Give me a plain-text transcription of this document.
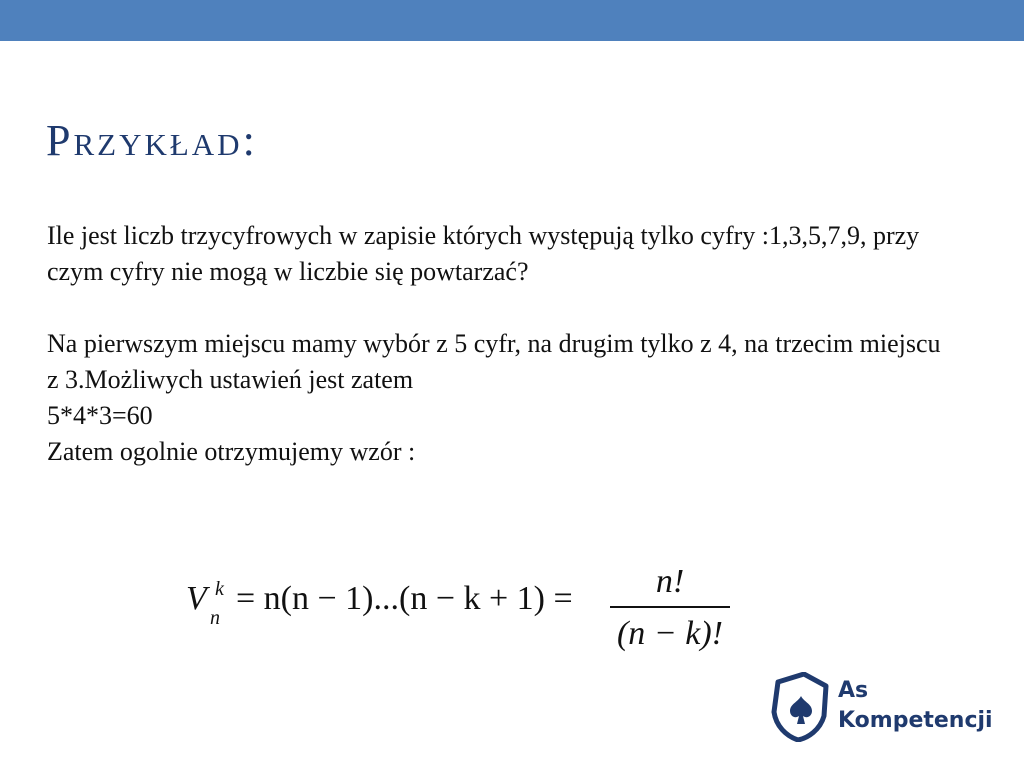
Przykład:

Ile jest liczb trzycyfrowych w zapisie których występują tylko cyfry :1,3,5,7,9, przy czym cyfry nie mogą w liczbie się powtarzać?

Na pierwszym miejscu mamy wybór z 5 cyfr, na drugim tylko z 4, na trzecim miejscu z 3.Możliwych ustawień jest zatem

5*4*3=60

Zatem ogolnie otrzymujemy wzór :

V k
n
= n(n − 1)...(n − k + 1) =	n!
(n − k)!
As
Kompetencji
